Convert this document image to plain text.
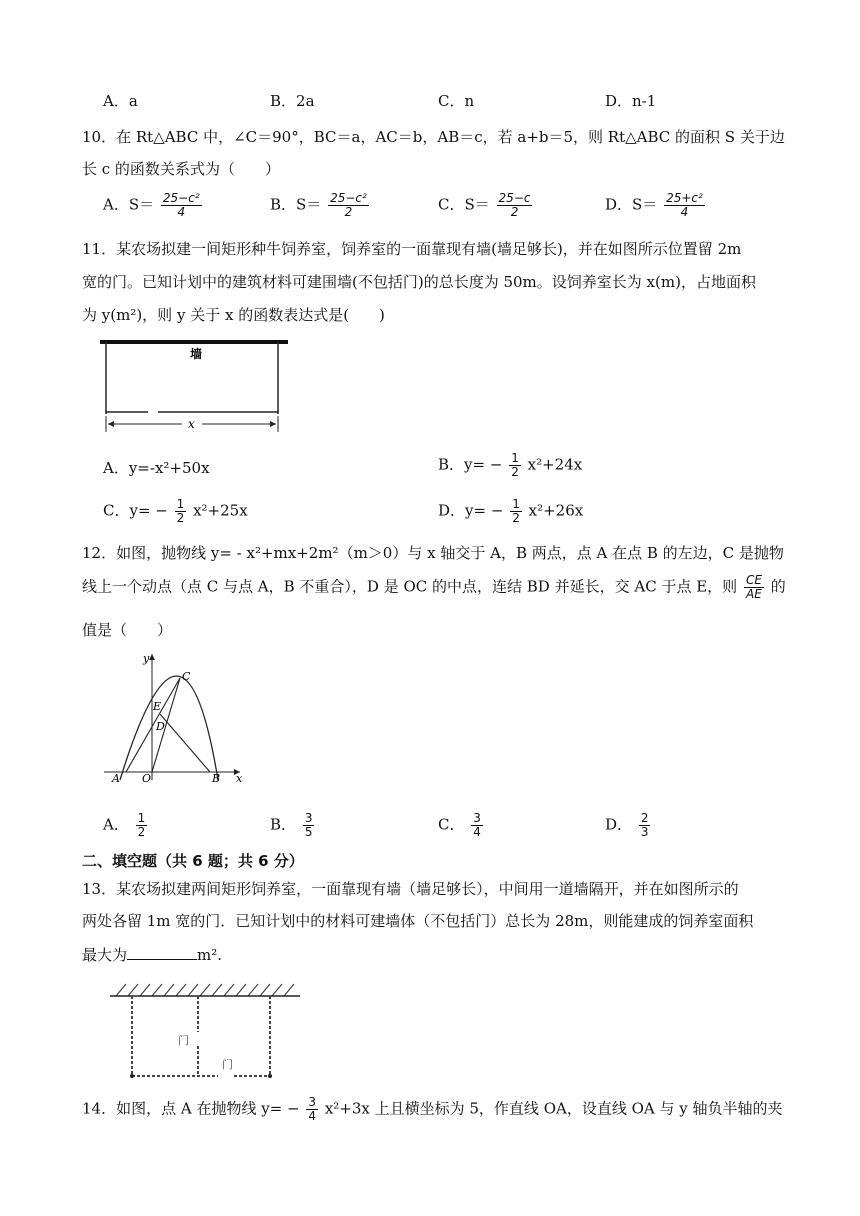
A．a	B．2a	C．n	D．n-1
10．在 Rt△ABC 中，∠C＝90°，BC＝a，AC＝b，AB＝c，若 a+b＝5，则 Rt△ABC 的面积 S 关于边
长 c 的函数关系式为（　　）
A．$S= \frac{\text{25−c²}}{4}$	B．$S= \frac{\text{25−c²}}{2}$	C．$S= \frac{25-c}{2}$	D．$S= \frac{\text{25+c²}}{4}$
11．某农场拟建一间矩形种牛饲养室，饲养室的一面靠现有墙(墙足够长)，并在如图所示位置留 2m
宽的门。已知计划中的建筑材料可建围墙(不包括门)的总长度为 50m。设饲养室长为 x(m)，占地面积
为 y(m²)，则 y 关于 x 的函数表达式是(　　)
墙
x
A．y=-x²+50x	B．$y= - \frac{1}{2} x^2+24x$
C．$y= - \frac{1}{2} x^2+25x$	D．$y= - \frac{1}{2} x^2+26x$
12．如图，抛物线 y= - x²+mx+2m²（m＞0）与 x 轴交于 A，B 两点，点 A 在点 B 的左边，C 是抛物
线上一个动点（点 C 与点 A，B 不重合），D 是 OC 的中点，连结 BD 并延长，交 AC 于点 E，则 $\frac{CE}{AE}$ 的
值是（　　）
y
x
A O	B
C
E
D
A． $\frac{1}{2}$	B． $\frac{3}{5}$	C． $\frac{3}{4}$	D． $\frac{2}{3}$
二、填空题（共 6 题；共 6 分）
13．某农场拟建两间矩形饲养室，一面靠现有墙（墙足够长），中间用一道墙隔开，并在如图所示的
两处各留 1m 宽的门．已知计划中的材料可建墙体（不包括门）总长为 28m，则能建成的饲养室面积
最大为	m².
门
门
14．如图，点 A 在抛物线 $y= - \frac{3}{4} x^2+3x$ 上且横坐标为 5，作直线 OA，设直线 OA 与 y 轴负半轴的夹
